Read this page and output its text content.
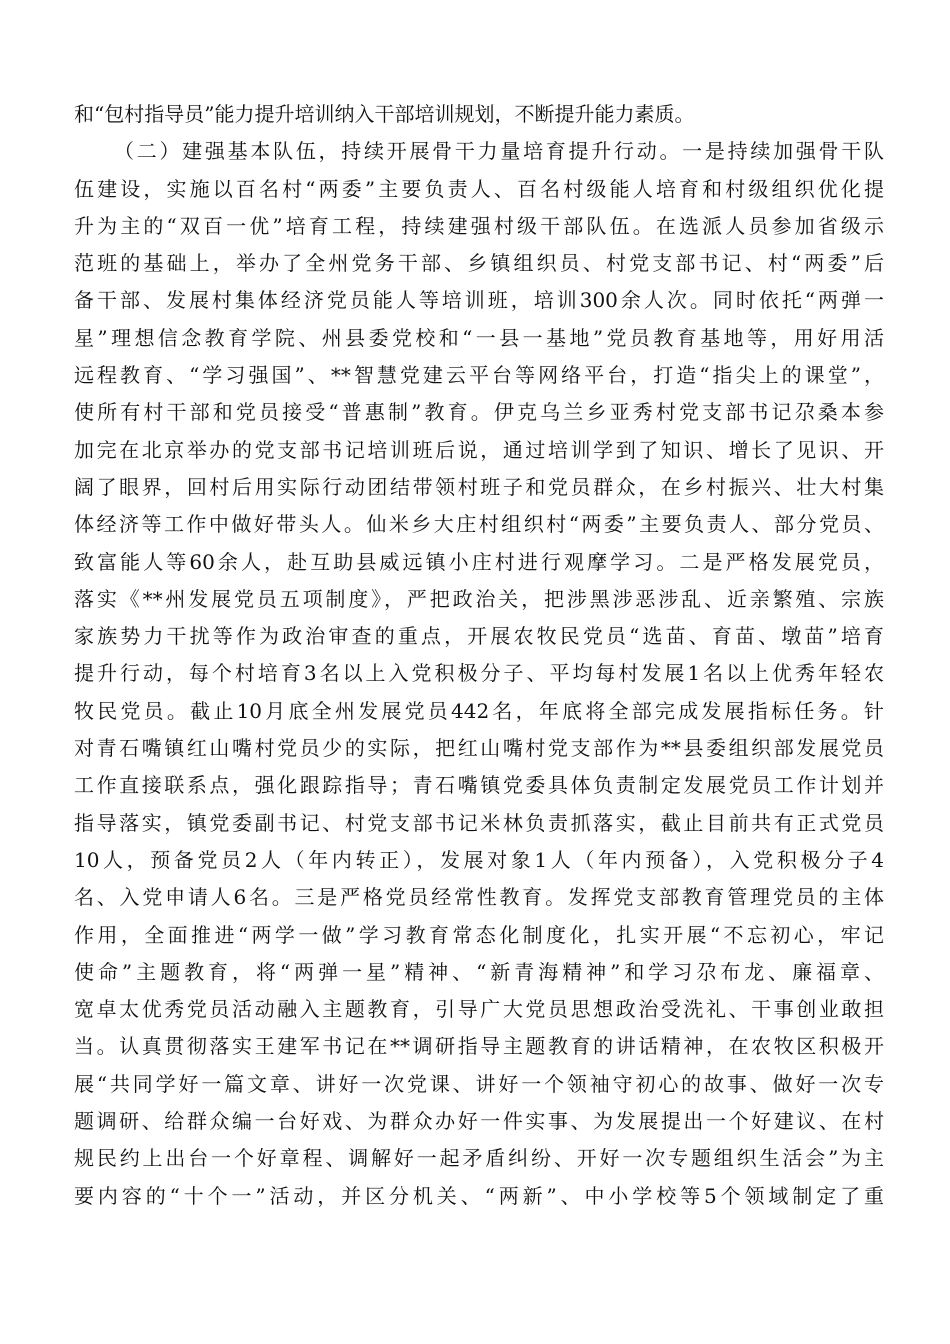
和“包村指导员”能力提升培训纳入干部培训规划，不断提升能力素质。
（二）建强基本队伍，持续开展骨干力量培育提升行动。一是持续加强骨干队
伍建设，实施以百名村“两委”主要负责人、百名村级能人培育和村级组织优化提
升为主的“双百一优”培育工程，持续建强村级干部队伍。在选派人员参加省级示
范班的基础上，举办了全州党务干部、乡镇组织员、村党支部书记、村“两委”后
备干部、发展村集体经济党员能人等培训班，培训300余人次。同时依托“两弹一
星”理想信念教育学院、州县委党校和“一县一基地”党员教育基地等，用好用活
远程教育、“学习强国”、**智慧党建云平台等网络平台，打造“指尖上的课堂”，
使所有村干部和党员接受“普惠制”教育。伊克乌兰乡亚秀村党支部书记尕桑本参
加完在北京举办的党支部书记培训班后说，通过培训学到了知识、增长了见识、开
阔了眼界，回村后用实际行动团结带领村班子和党员群众，在乡村振兴、壮大村集
体经济等工作中做好带头人。仙米乡大庄村组织村“两委”主要负责人、部分党员、
致富能人等60余人，赴互助县威远镇小庄村进行观摩学习。二是严格发展党员，
落实《**州发展党员五项制度》，严把政治关，把涉黑涉恶涉乱、近亲繁殖、宗族
家族势力干扰等作为政治审查的重点，开展农牧民党员“选苗、育苗、墩苗”培育
提升行动，每个村培育3名以上入党积极分子、平均每村发展1名以上优秀年轻农
牧民党员。截止10月底全州发展党员442名，年底将全部完成发展指标任务。针
对青石嘴镇红山嘴村党员少的实际，把红山嘴村党支部作为**县委组织部发展党员
工作直接联系点，强化跟踪指导；青石嘴镇党委具体负责制定发展党员工作计划并
指导落实，镇党委副书记、村党支部书记米林负责抓落实，截止目前共有正式党员
10人，预备党员2人（年内转正），发展对象1人（年内预备），入党积极分子4
名、入党申请人6名。三是严格党员经常性教育。发挥党支部教育管理党员的主体
作用，全面推进“两学一做”学习教育常态化制度化，扎实开展“不忘初心，牢记
使命”主题教育，将“两弹一星”精神、“新青海精神”和学习尕布龙、廉福章、
宽卓太优秀党员活动融入主题教育，引导广大党员思想政治受洗礼、干事创业敢担
当。认真贯彻落实王建军书记在**调研指导主题教育的讲话精神，在农牧区积极开
展“共同学好一篇文章、讲好一次党课、讲好一个领袖守初心的故事、做好一次专
题调研、给群众编一台好戏、为群众办好一件实事、为发展提出一个好建议、在村
规民约上出台一个好章程、调解好一起矛盾纠纷、开好一次专题组织生活会”为主
要内容的“十个一”活动，并区分机关、“两新”、中小学校等5个领域制定了重
